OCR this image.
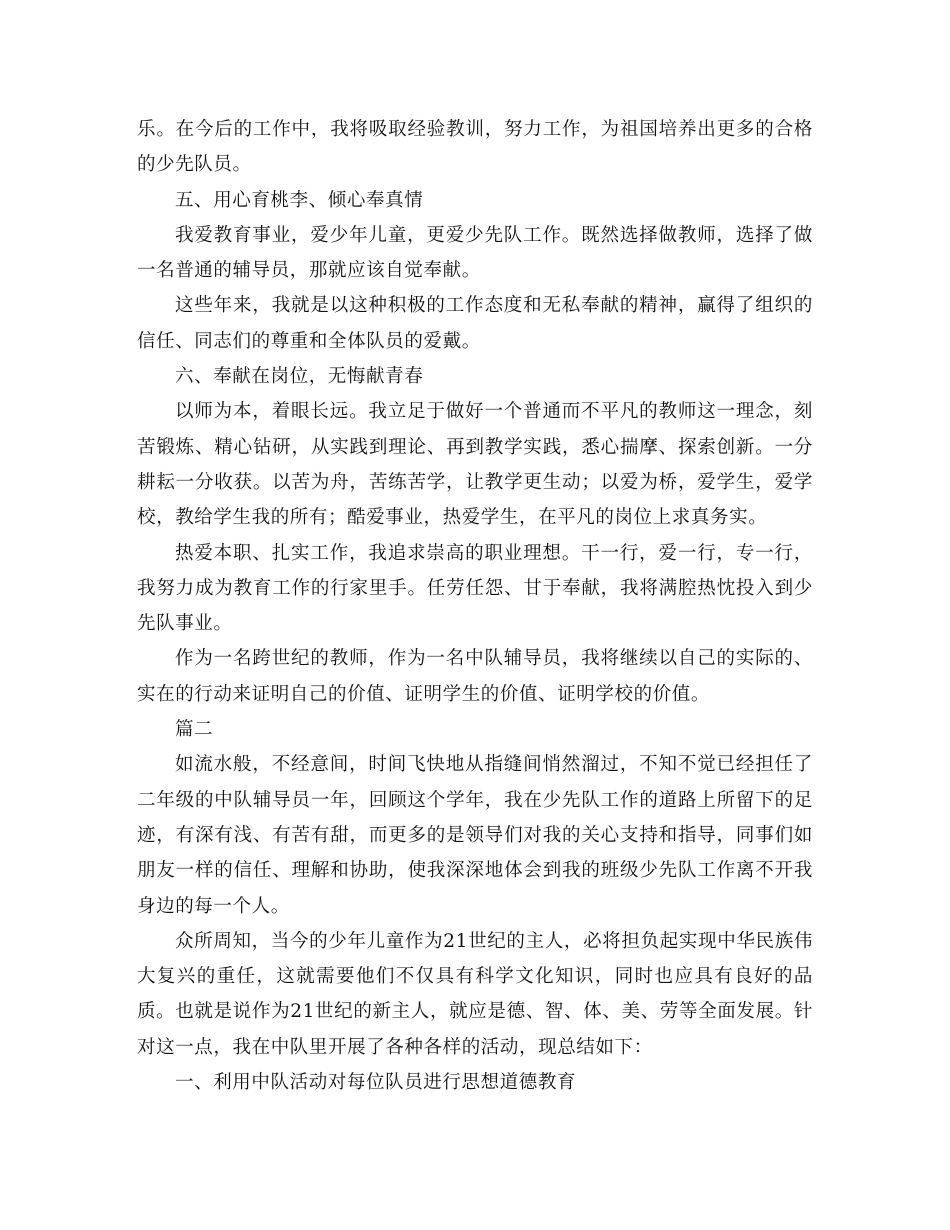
乐。在今后的工作中，我将吸取经验教训，努力工作，为祖国培养出更多的合格的少先队员。

五、用心育桃李、倾心奉真情

我爱教育事业，爱少年儿童，更爱少先队工作。既然选择做教师，选择了做一名普通的辅导员，那就应该自觉奉献。

这些年来，我就是以这种积极的工作态度和无私奉献的精神，赢得了组织的信任、同志们的尊重和全体队员的爱戴。

六、奉献在岗位，无悔献青春

以师为本，着眼长远。我立足于做好一个普通而不平凡的教师这一理念，刻苦锻炼、精心钻研，从实践到理论、再到教学实践，悉心揣摩、探索创新。一分耕耘一分收获。以苦为舟，苦练苦学，让教学更生动；以爱为桥，爱学生，爱学校，教给学生我的所有；酷爱事业，热爱学生，在平凡的岗位上求真务实。

热爱本职、扎实工作，我追求崇高的职业理想。干一行，爱一行，专一行，我努力成为教育工作的行家里手。任劳任怨、甘于奉献，我将满腔热忱投入到少先队事业。

作为一名跨世纪的教师，作为一名中队辅导员，我将继续以自己的实际的、实在的行动来证明自己的价值、证明学生的价值、证明学校的价值。

篇二

如流水般，不经意间，时间飞快地从指缝间悄然溜过，不知不觉已经担任了二年级的中队辅导员一年，回顾这个学年，我在少先队工作的道路上所留下的足迹，有深有浅、有苦有甜，而更多的是领导们对我的关心支持和指导，同事们如朋友一样的信任、理解和协助，使我深深地体会到我的班级少先队工作离不开我身边的每一个人。

众所周知，当今的少年儿童作为21世纪的主人，必将担负起实现中华民族伟大复兴的重任，这就需要他们不仅具有科学文化知识，同时也应具有良好的品质。也就是说作为21世纪的新主人，就应是德、智、体、美、劳等全面发展。针对这一点，我在中队里开展了各种各样的活动，现总结如下：

一、利用中队活动对每位队员进行思想道德教育
